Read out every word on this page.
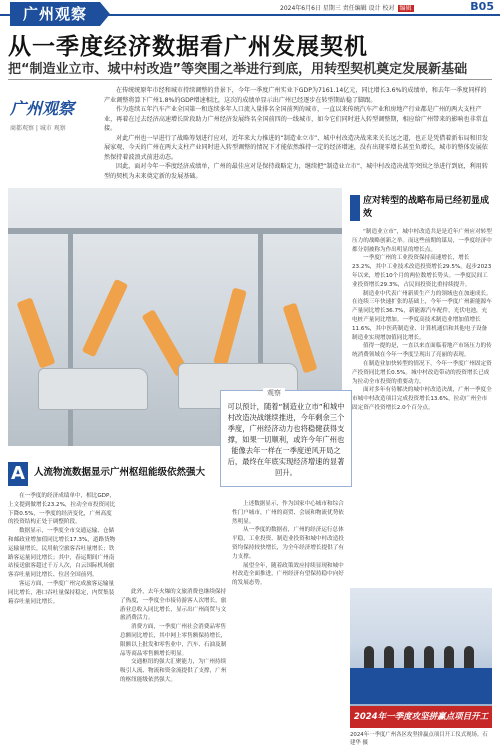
广州观察	2024年6月6日 星期三 责任编辑 设计 校对 编辑	B05
从一季度经济数据看广州发展契机
把“制造业立市、城中村改造”等突围之举进行到底，用转型契机奠定发展新基础
广州观察
商都观察 | 城市 观察

在传统统原年市经和城市持续调整的背景下，今年一季度广州实业下GDP为7161.14亿元，同比增长3.6%的成绩单，和去年一季度同样的产业调整将算下广州1.8%的GDP增速相比，这次的成绩单显示出广州已经逐步在转型期站稳了脚跟。

作为连续五年汽车产业全国第一和连续多年人口流入量排名全国前列的城市，一直以来传统汽车产业和房地产行业都是广州的两大支柱产业，再着在过去经济高速增长阶段助力广州经济发展终名全国前四的一线城市，如今它们同时进入转型调整期，相应给广州带来的影响也非常直接。

对此广州也一早进行了战略筹划进行应对，近年来大力推进的“制造业立市”、城中村改造决战来来关长远之道，也正是凭借着新布局和旧发展家观，今天的广州在两大支柱产业同时进入转型调整的情况下才能依然维持一定的经济增速，没有出现零增长甚至负增长，城市的整体发展依然保持着波浪式前进动态。

因此，面对今年一季度经济成绩单，广州的最佳应对是保持战略定力，继续把“制造业立市”、城中村改造决战等突围之举进行到底，利用转型的契机为未来奠定新的发展基础。

应对转型的战略布局已经初显成效

“制造业立市”，城中村改造共是是近年广州应对转型压力的战略创新之举。而这些前期的谋局，一季度经济中都分别被称为作出明显的增长点。

一季度广州的工业投资保持高速增长，增长23.2%，其中工业技术改造投资增长29.5%。起步2023年以来，增长10个月的两位数增长势头。一季度民间工业投资增长29.3%，占民间投资比重持续提升。

制造业中代表广州新质生产力的领域也在加速成长。在连续三年快速扩张的基础上，今年一季度广州新能源车产量同比增长36.7%，新能源汽车配件，光伏电池，充电桩产量同比增加。一季度高技术制造业增加值增长11.6%，其中医药制造业、计算机通信和其他电子设备制造业实现增加值同比增长。

值得一提的是，一直以来直面临着地产市场压力的传统消费领域在今年一季度呈现出了亮丽的表现。

在制造业加快转型的情况下，今年一季度广州固定资产投资同比增长0.5%。城中村改造带动的投资增长已成为拉动全市投资的重要动力。

面对多年有待解决的城中村改造决战，广州一季度全市城中村改造项目完成投资增长13.6%，拉动广州全市固定资产投资增长2.0个百分点。

观察
可以预计，随着“制造业立市”和城中村改造决战继续推进，今年剩余三个季度，广州经济动力也将稳健获得支撑，如果一切顺利，或许今年广州也能像去年一样在一季度逆风开局之后，最终在年底实现经济增速的显著回升。
A 人流物流数据显示广州枢纽能级依然强大

在一季度的经济成绩单中，相比GDP，上文提到做增长23.2%，拉动全市投资同比下降0.5%，一季度的经济变化，广州高度的投资结构正处于调整阶段。

数据显示，一季度全市交通运输、仓储和邮政业增加值同比增长17.3%，道路货物运输量增长，民用航空旅客吞吐量增长；铁路客运量同比增长；其中，春运期间广州南站接送旅客超过千万人次，白云国际机场旅客吞吐量同比增长、位居全国前列。

客运方面，一季度广州完成旅客运输量同比增长，港口吞吐量保持稳定，内贸集装箱吞吐量同比增长。

此外，去年火爆的文旅消费也继续保持了热度，一季度全市接待游客人次增长，旅游业总收入同比增长，显示出广州商贸与文旅消费活力。

消费方面，一季度广州社会消费品零售总额同比增长，其中网上零售额保持增长，限额以上批发和零售业中，汽车、石油及制品等商品零售额增长明显。

交通枢纽的强大汇聚能力，为广州持续吸引人流、物流和资金流提供了支撑，广州的枢纽能级依然强大。

上述数据显示，作为国家中心城市和综合性门户城市，广州的商贸、会展和物流优势依然明显。

从一季度的数据看，广州的经济运行总体平稳，工业投资、制造业投资和城中村改造投资均保持较快增长，为全年经济增长提供了有力支撑。

展望全年，随着政策效应持续显现和城中村改造全面推进，广州经济有望保持稳中向好的发展态势。

2024年一季度攻坚拼赢点项目开工
2024年一季度广州各区攻坚拼赢点项目开工仪式现场。石建华 摄
